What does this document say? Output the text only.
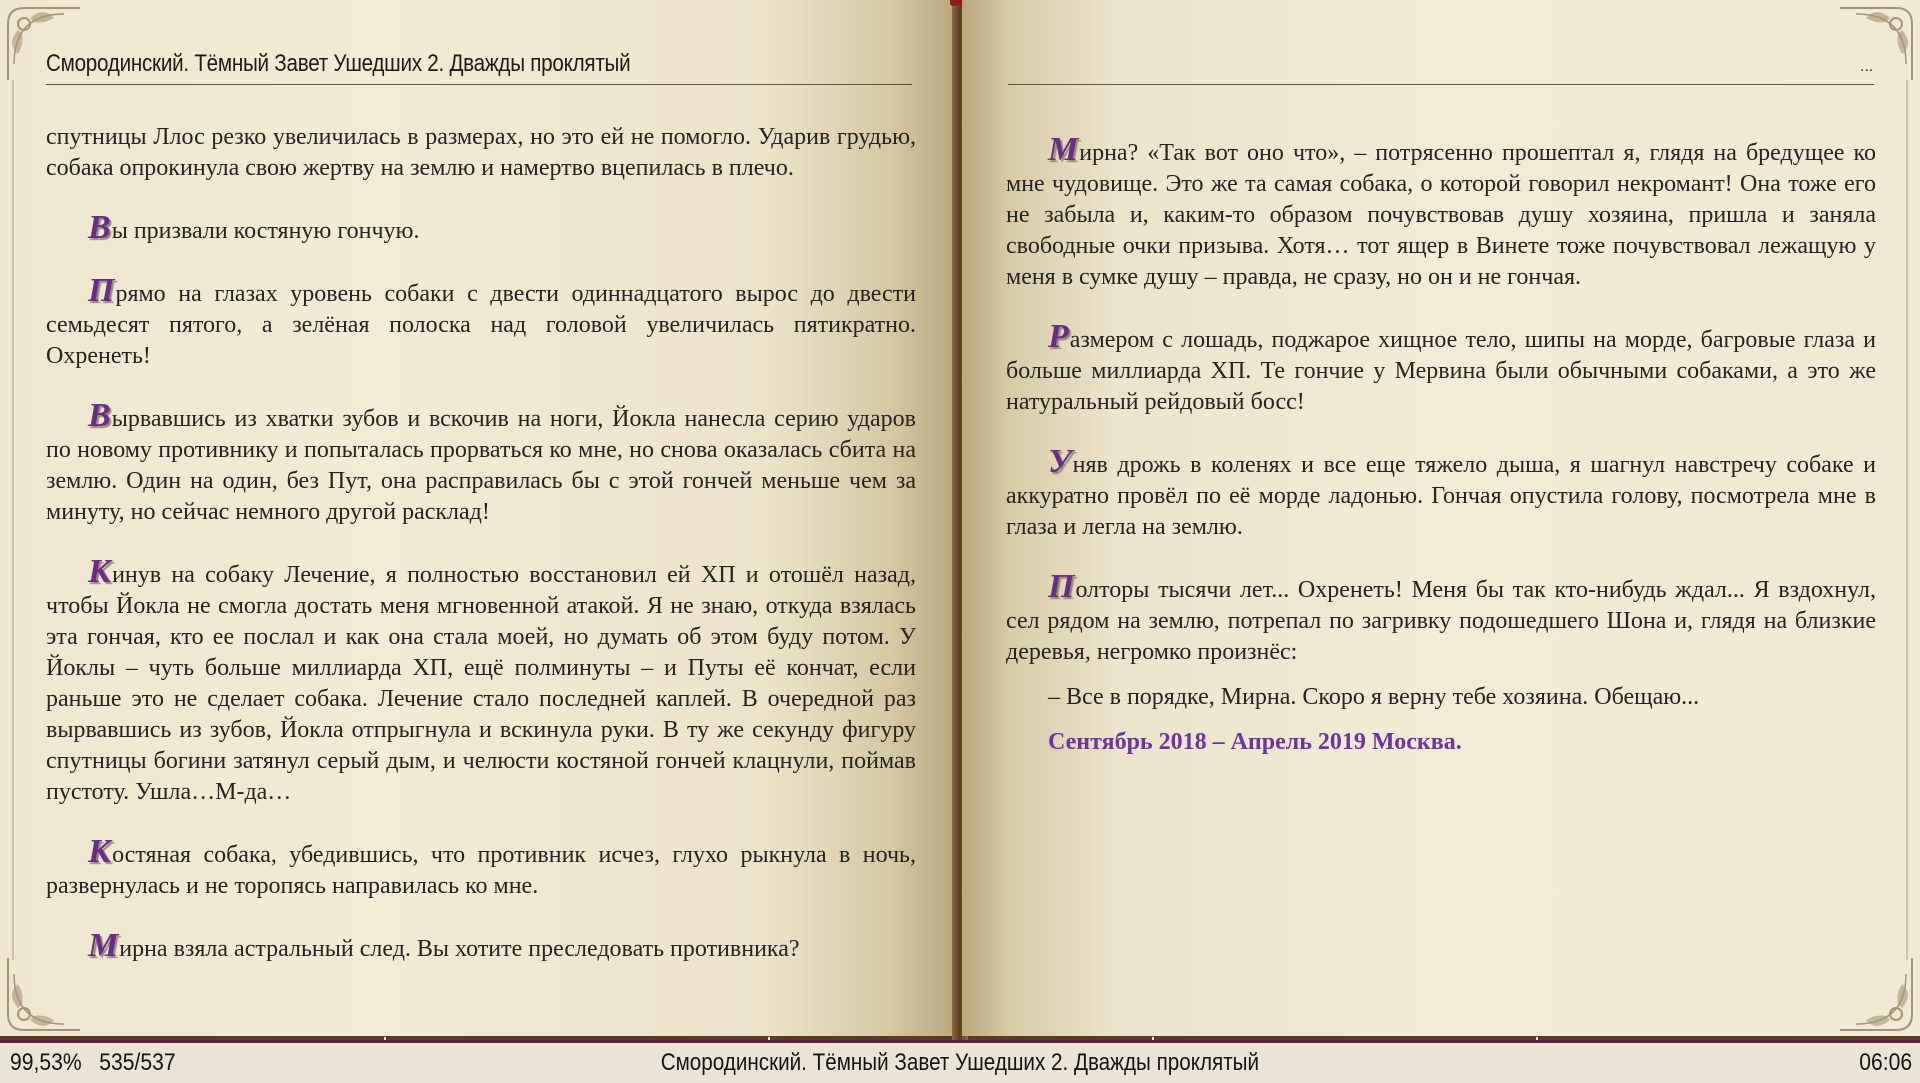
Смородинский. Тёмный Завет Ушедших 2. Дважды проклятый

спутницы Ллос резко увеличилась в размерах, но это ей не помогло. Ударив грудью, собака опрокинула свою жертву на землю и намертво вцепилась в плечо.

Вы призвали костяную гончую.

Прямо на глазах уровень собаки с двести одиннадцатого вырос до двести семьдесят пятого, а зелёная полоска над головой увеличилась пятикратно. Охренеть!

Вырвавшись из хватки зубов и вскочив на ноги, Йокла нанесла серию ударов по новому противнику и попыталась прорваться ко мне, но снова оказалась сбита на землю. Один на один, без Пут, она расправилась бы с этой гончей меньше чем за минуту, но сейчас немного другой расклад!

Кинув на собаку Лечение, я полностью восстановил ей ХП и отошёл назад, чтобы Йокла не смогла достать меня мгновенной атакой. Я не знаю, откуда взялась эта гончая, кто ее послал и как она стала моей, но думать об этом буду потом. У Йоклы – чуть больше миллиарда ХП, ещё полминуты – и Путы её кончат, если раньше это не сделает собака. Лечение стало последней каплей. В очередной раз вырвавшись из зубов, Йокла отпрыгнула и вскинула руки. В ту же секунду фигуру спутницы богини затянул серый дым, и челюсти костяной гончей клацнули, поймав пустоту. Ушла…М-да…

Костяная собака, убедившись, что противник исчез, глухо рыкнула в ночь, развернулась и не торопясь направилась ко мне.

Мирна взяла астральный след. Вы хотите преследовать противника?

...

Мирна? «Так вот оно что», – потрясенно прошептал я, глядя на бредущее ко мне чудовище. Это же та самая собака, о которой говорил некромант! Она тоже его не забыла и, каким-то образом почувствовав душу хозяина, пришла и заняла свободные очки призыва. Хотя… тот ящер в Винете тоже почувствовал лежащую у меня в сумке душу – правда, не сразу, но он и не гончая.

Размером с лошадь, поджарое хищное тело, шипы на морде, багровые глаза и больше миллиарда ХП. Те гончие у Мервина были обычными собаками, а это же натуральный рейдовый босс!

Уняв дрожь в коленях и все еще тяжело дыша, я шагнул навстречу собаке и аккуратно провёл по её морде ладонью. Гончая опустила голову, посмотрела мне в глаза и легла на землю.

Полторы тысячи лет... Охренеть! Меня бы так кто-нибудь ждал... Я вздохнул, сел рядом на землю, потрепал по загривку подошедшего Шона и, глядя на близкие деревья, негромко произнёс:

– Все в порядке, Мирна. Скоро я верну тебе хозяина. Обещаю...

Сентябрь 2018 – Апрель 2019 Москва.

99,53% 535/537	Смородинский. Тёмный Завет Ушедших 2. Дважды проклятый	06:06
